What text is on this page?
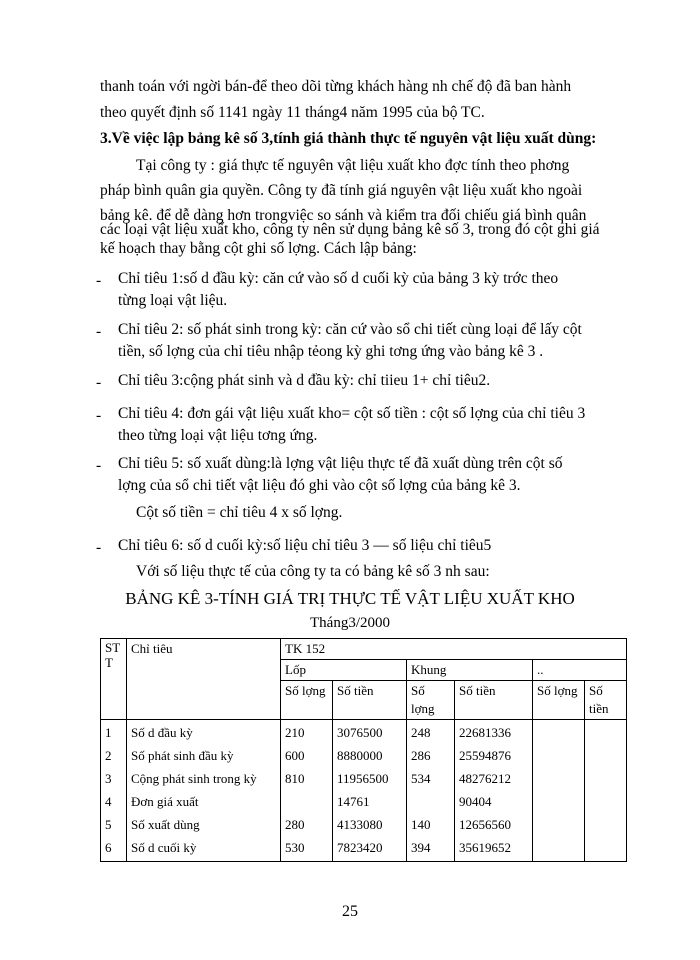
thanh toán với ngời bán-để theo dõi từng khách hàng nh chế độ đã ban hành
theo quyết định số 1141 ngày 11 tháng4 năm 1995 của bộ TC.
3.Về việc lập bảng kê số 3,tính giá thành thực tế nguyên vật liệu xuất dùng:
Tại công ty : giá thực tế nguyên vật liệu xuất kho đợc tính theo phơng
pháp bình quân gia quyền. Công ty đã tính giá nguyên vật liệu xuất kho ngoài
bảng kê. để dễ dàng hơn trongviệc so sánh và kiểm tra đối chiếu giá bình quân
các loại vật liệu xuất kho, công ty nên sử dụng bảng kê số 3, trong đó cột ghi giá
kế hoạch thay bằng cột ghi số lợng. Cách lập bảng:
- Chỉ tiêu 1:số d đầu kỳ: căn cứ vào số d cuối kỳ của bảng 3 kỳ trớc theo
từng loại vật liệu.
- Chỉ tiêu 2: số phát sinh trong kỳ: căn cứ vào sổ chi tiết cùng loại để lấy cột
tiền, số lợng của chỉ tiêu nhập tẻong kỳ ghi tơng ứng vào bảng kê 3 .
- Chỉ tiêu 3:cộng phát sinh và d đầu kỳ: chỉ tiieu 1+ chỉ tiêu2.
- Chỉ tiêu 4: đơn gái vật liệu xuất kho= cột số tiền : cột số lợng của chỉ tiêu 3
theo từng loại vật liệu tơng ứng.
- Chỉ tiêu 5: số xuất dùng:là lợng vật liệu thực tế đã xuất dùng trên cột số
lợng của sổ chi tiết vật liệu đó ghi vào cột số lợng của bảng kê 3.
Cột số tiền = chỉ tiêu 4 x số lợng.
- Chỉ tiêu 6: số d cuối kỳ:số liệu chỉ tiêu 3 — số liệu chỉ tiêu5
Với số liệu thực tế của công ty ta có bảng kê số 3 nh sau:
BẢNG KÊ 3-TÍNH GIÁ TRỊ THỰC TẾ VẬT LIỆU XUẤT KHO
Tháng3/2000
STT	Chỉ tiêu	TK 152					
		Lốp		Khung		..	
		Số lợng	Số tiền	Số lợng	Số tiền	Số lợng	Số tiền
1	Số d đầu kỳ	210	3076500	248	22681336		
2	Số phát sinh đầu kỳ	600	8880000	286	25594876		
3	Cộng phát sinh trong kỳ	810	11956500	534	48276212		
4	Đơn giá xuất		14761		90404		
5	Số xuất dùng	280	4133080	140	12656560		
6	Số d cuối kỳ	530	7823420	394	35619652		
25
